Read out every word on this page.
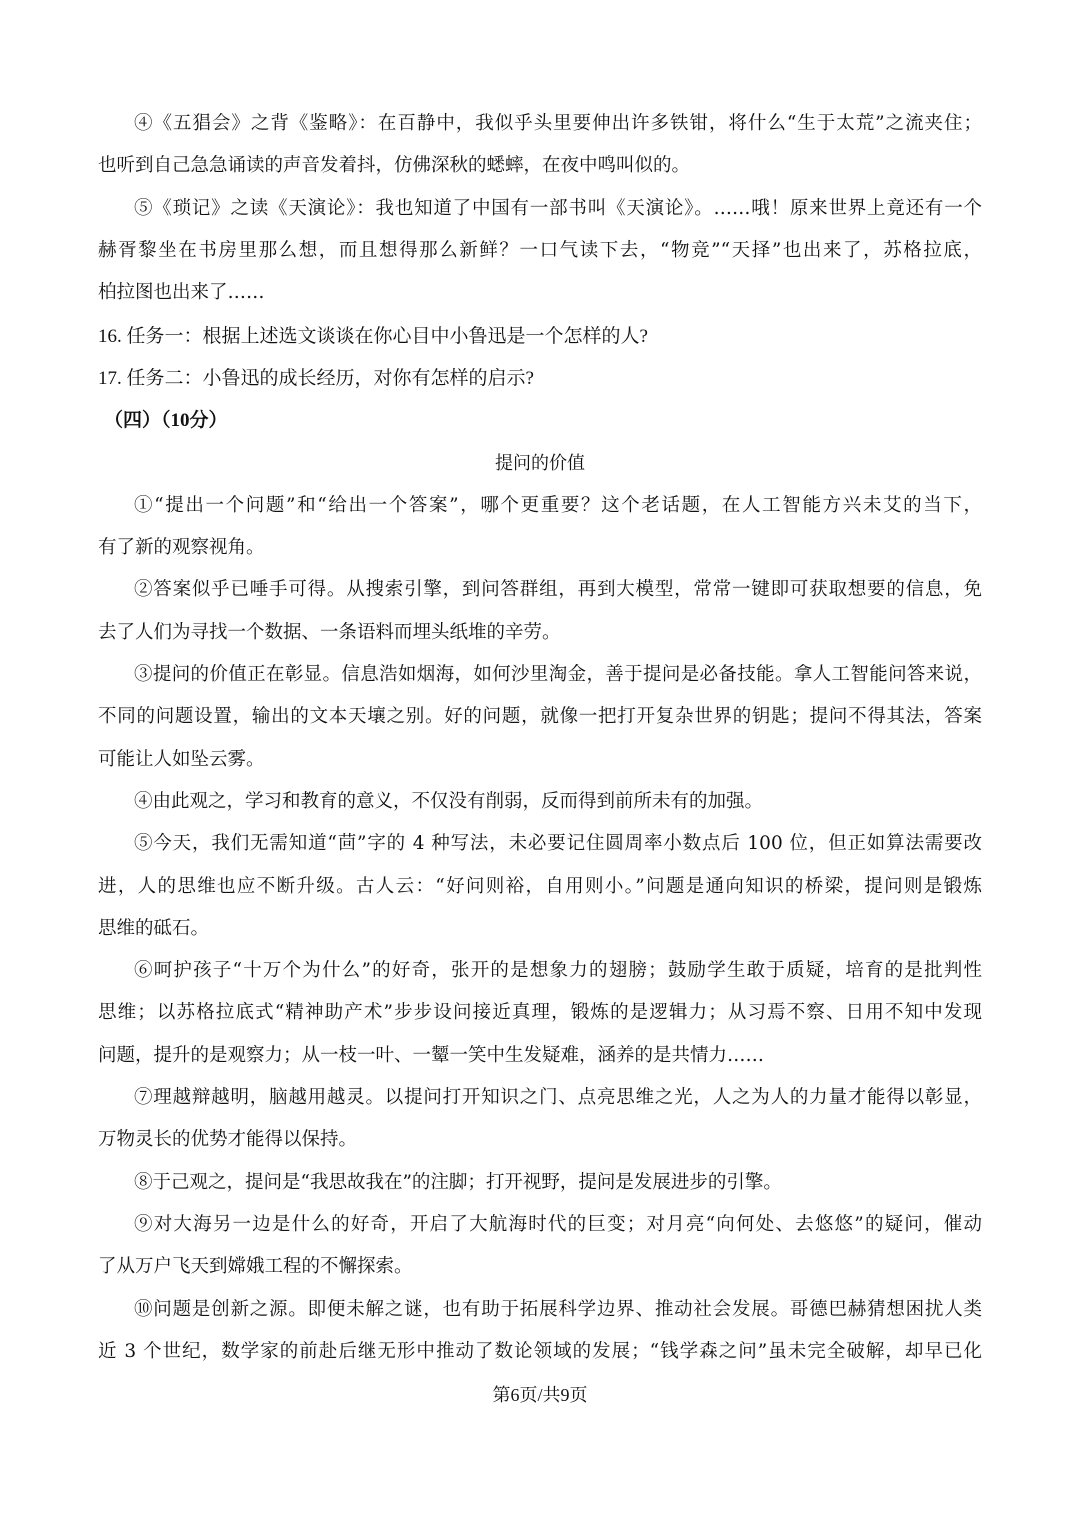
④《五猖会》之背《鉴略》：在百静中，我似乎头里要伸出许多铁钳，将什么“生于太荒”之流夹住；
也听到自己急急诵读的声音发着抖，仿佛深秋的蟋蟀，在夜中鸣叫似的。
⑤《琐记》之读《天演论》：我也知道了中国有一部书叫《天演论》。……哦！原来世界上竟还有一个
赫胥黎坐在书房里那么想，而且想得那么新鲜？一口气读下去，“物竞”“天择”也出来了，苏格拉底，
柏拉图也出来了……
16. 任务一：根据上述选文谈谈在你心目中小鲁迅是一个怎样的人?
17. 任务二：小鲁迅的成长经历，对你有怎样的启示?
（四）（10分）
提问的价值
①“提出一个问题”和“给出一个答案”，哪个更重要？这个老话题，在人工智能方兴未艾的当下，
有了新的观察视角。
②答案似乎已唾手可得。从搜索引擎，到问答群组，再到大模型，常常一键即可获取想要的信息，免
去了人们为寻找一个数据、一条语料而埋头纸堆的辛劳。
③提问的价值正在彰显。信息浩如烟海，如何沙里淘金，善于提问是必备技能。拿人工智能问答来说，
不同的问题设置，输出的文本天壤之别。好的问题，就像一把打开复杂世界的钥匙；提问不得其法，答案
可能让人如坠云雾。
④由此观之，学习和教育的意义，不仅没有削弱，反而得到前所未有的加强。
⑤今天，我们无需知道“茴”字的 4 种写法，未必要记住圆周率小数点后 100 位，但正如算法需要改
进，人的思维也应不断升级。古人云：“好问则裕，自用则小。”问题是通向知识的桥梁，提问则是锻炼
思维的砥石。
⑥呵护孩子“十万个为什么”的好奇，张开的是想象力的翅膀；鼓励学生敢于质疑，培育的是批判性
思维；以苏格拉底式“精神助产术”步步设问接近真理，锻炼的是逻辑力；从习焉不察、日用不知中发现
问题，提升的是观察力；从一枝一叶、一颦一笑中生发疑难，涵养的是共情力……
⑦理越辩越明，脑越用越灵。以提问打开知识之门、点亮思维之光，人之为人的力量才能得以彰显，
万物灵长的优势才能得以保持。
⑧于己观之，提问是“我思故我在”的注脚；打开视野，提问是发展进步的引擎。
⑨对大海另一边是什么的好奇，开启了大航海时代的巨变；对月亮“向何处、去悠悠”的疑问，催动
了从万户飞天到嫦娥工程的不懈探索。
⑩问题是创新之源。即便未解之谜，也有助于拓展科学边界、推动社会发展。哥德巴赫猜想困扰人类
第6页/共9页
近 3 个世纪，数学家的前赴后继无形中推动了数论领域的发展；“钱学森之问”虽未完全破解，却早已化
